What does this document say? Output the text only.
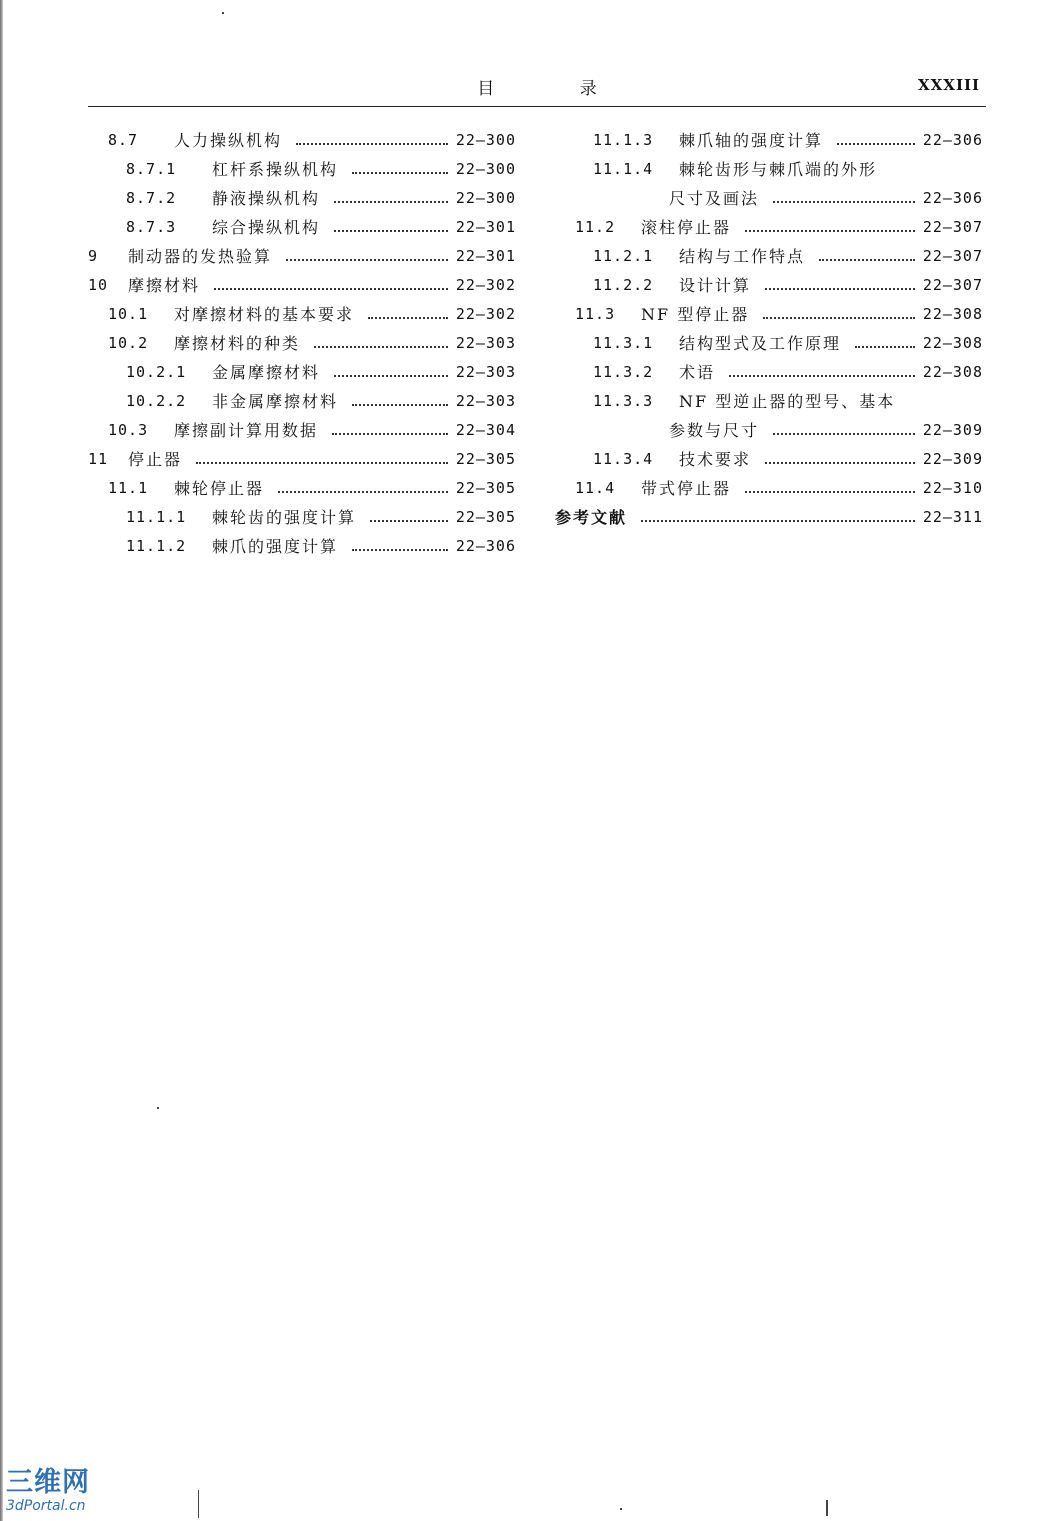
目 录	XXXIII
8.7	人力操纵机构	22—300
8.7.1	杠杆系操纵机构	22—300
8.7.2	静液操纵机构	22—300
8.7.3	综合操纵机构	22—301
9	制动器的发热验算	22—301
10	摩擦材料	22—302
10.1	对摩擦材料的基本要求	22—302
10.2	摩擦材料的种类	22—303
10.2.1	金属摩擦材料	22—303
10.2.2	非金属摩擦材料	22—303
10.3	摩擦副计算用数据	22—304
11	停止器	22—305
11.1	棘轮停止器	22—305
11.1.1	棘轮齿的强度计算	22—305
11.1.2	棘爪的强度计算	22—306
11.1.3	棘爪轴的强度计算	22—306
11.1.4	棘轮齿形与棘爪端的外形
尺寸及画法	22—306
11.2	滚柱停止器	22—307
11.2.1	结构与工作特点	22—307
11.2.2	设计计算	22—307
11.3	NF 型停止器	22—308
11.3.1	结构型式及工作原理	22—308
11.3.2	术语	22—308
11.3.3	NF 型逆止器的型号、基本
参数与尺寸	22—309
11.3.4	技术要求	22—309
11.4	带式停止器	22—310
参考文献	22—311
三维网
3dPortal.cn
